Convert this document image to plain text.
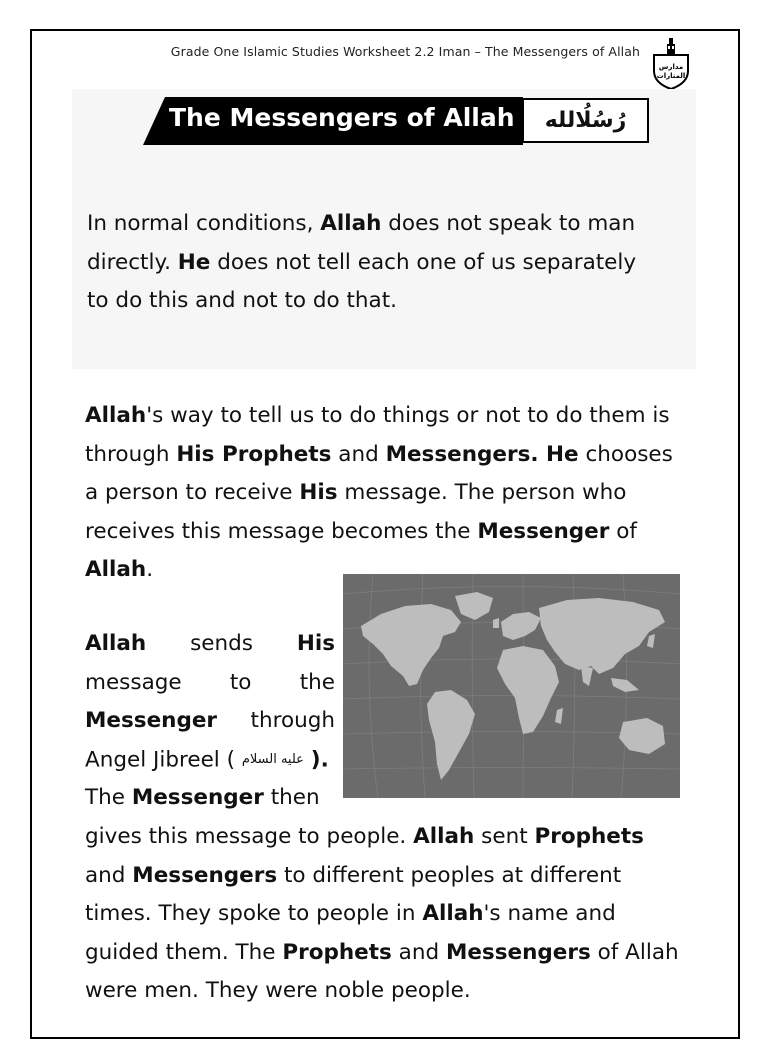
Grade One Islamic Studies Worksheet 2.2 Iman – The Messengers of Allah
مدارس
المنارات
The Messengers of Allah	رُسُلُالله
In normal conditions, Allah does not speak to man
directly. He does not tell each one of us separately
to do this and not to do that.
Allah's way to tell us to do things or not to do them is
through His Prophets and Messengers. He chooses
a person to receive His message. The person who
receives this message becomes the Messenger of
Allah.
Allah sends His
message to the
Messenger through
Angel Jibreel ( عليه السلام ).
The Messenger then
gives this message to people. Allah sent Prophets
and Messengers to different peoples at different
times. They spoke to people in Allah's name and
guided them. The Prophets and Messengers of Allah
were men. They were noble people.
